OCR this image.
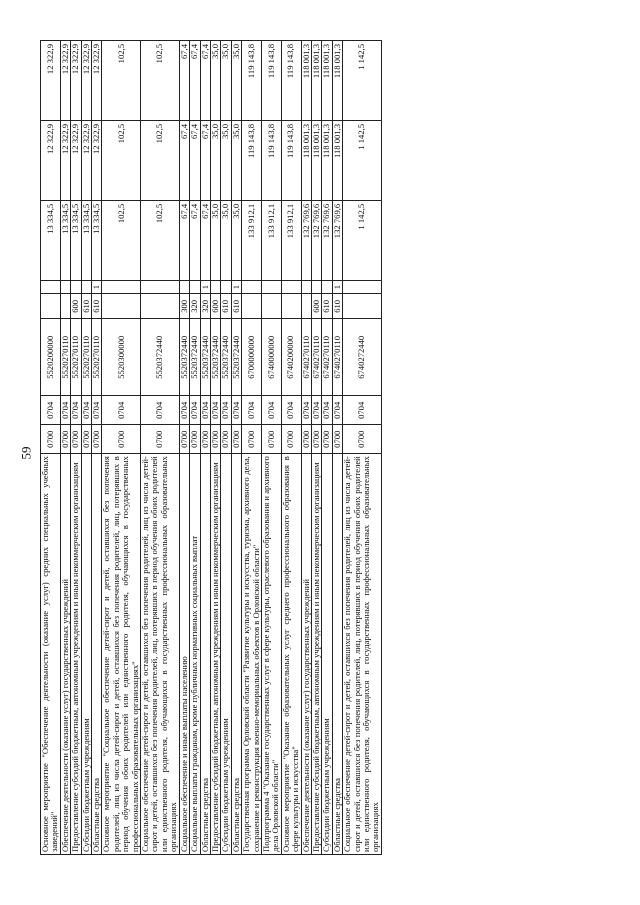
59
Основное мероприятие "Обеспечение деятельности (оказание услуг) средних специальных учебных заведений"	0700	0704	5520200000			13 334,5	12 322,9	12 322,9
Обеспечение деятельности (оказание услуг) государственных учреждений	0700	0704	5520270110			13 334,5	12 322,9	12 322,9
Предоставление субсидий бюджетным, автономным учреждениям и иным некоммерческим организациям	0700	0704	5520270110	600		13 334,5	12 322,9	12 322,9
Субсидии бюджетным учреждениям	0700	0704	5520270110	610		13 334,5	12 322,9	12 322,9
Областные средства	0700	0704	5520270110	610	1	13 334,5	12 322,9	12 322,9
Основное мероприятие "Социальное обеспечение детей-сирот и детей, оставшихся без попечения родителей, лиц из числа детей-сирот и детей, оставшихся без попечения родителей, лиц, потерявших в период обучения обоих родителей или единственного родителя, обучающихся в государственных профессиональных образовательных организациях"	0700	0704	5520300000			102,5	102,5	102,5
Социальное обеспечение детей-сирот и детей, оставшихся без попечения родителей, лиц из числа детей-сирот и детей, оставшихся без попечения родителей, лиц, потерявших в период обучения обоих родителей или единственного родителя, обучающихся в государственных профессиональных образовательных организациях	0700	0704	5520372440			102,5	102,5	102,5
Социальное обеспечение и иные выплаты населению	0700	0704	5520372440	300		67,4	67,4	67,4
Социальные выплаты гражданам, кроме публичных нормативных социальных выплат	0700	0704	5520372440	320		67,4	67,4	67,4
Областные средства	0700	0704	5520372440	320	1	67,4	67,4	67,4
Предоставление субсидий бюджетным, автономным учреждениям и иным некоммерческим организациям	0700	0704	5520372440	600		35,0	35,0	35,0
Субсидии бюджетным учреждениям	0700	0704	5520372440	610		35,0	35,0	35,0
Областные средства	0700	0704	5520372440	610	1	35,0	35,0	35,0
Государственная программа Орловской области "Развитие культуры и искусства, туризма, архивного дела, сохранение и реконструкция военно-мемориальных объектов в Орловской области"	0700	0704	6700000000			133 912,1	119 143,8	119 143,8
Подпрограмма 4 "Оказание государственных услуг в сфере культуры, отраслевого образования и архивного дела Орловской области"	0700	0704	6740000000			133 912,1	119 143,8	119 143,8
Основное мероприятие "Оказание образовательных услуг среднего профессионального образования в сфере культуры и искусства"	0700	0704	6740200000			133 912,1	119 143,8	119 143,8
Обеспечение деятельности (оказание услуг) государственных учреждений	0700	0704	6740270110			132 769,6	118 001,3	118 001,3
Предоставление субсидий бюджетным, автономным учреждениям и иным некоммерческим организациям	0700	0704	6740270110	600		132 769,6	118 001,3	118 001,3
Субсидии бюджетным учреждениям	0700	0704	6740270110	610		132 769,6	118 001,3	118 001,3
Областные средства	0700	0704	6740270110	610	1	132 769,6	118 001,3	118 001,3
Социальное обеспечение детей-сирот и детей, оставшихся без попечения родителей, лиц из числа детей-сирот и детей, оставшихся без попечения родителей, лиц, потерявших в период обучения обоих родителей или единственного родителя, обучающихся в государственных профессиональных образовательных организациях	0700	0704	6740272440			1 142,5	1 142,5	1 142,5
